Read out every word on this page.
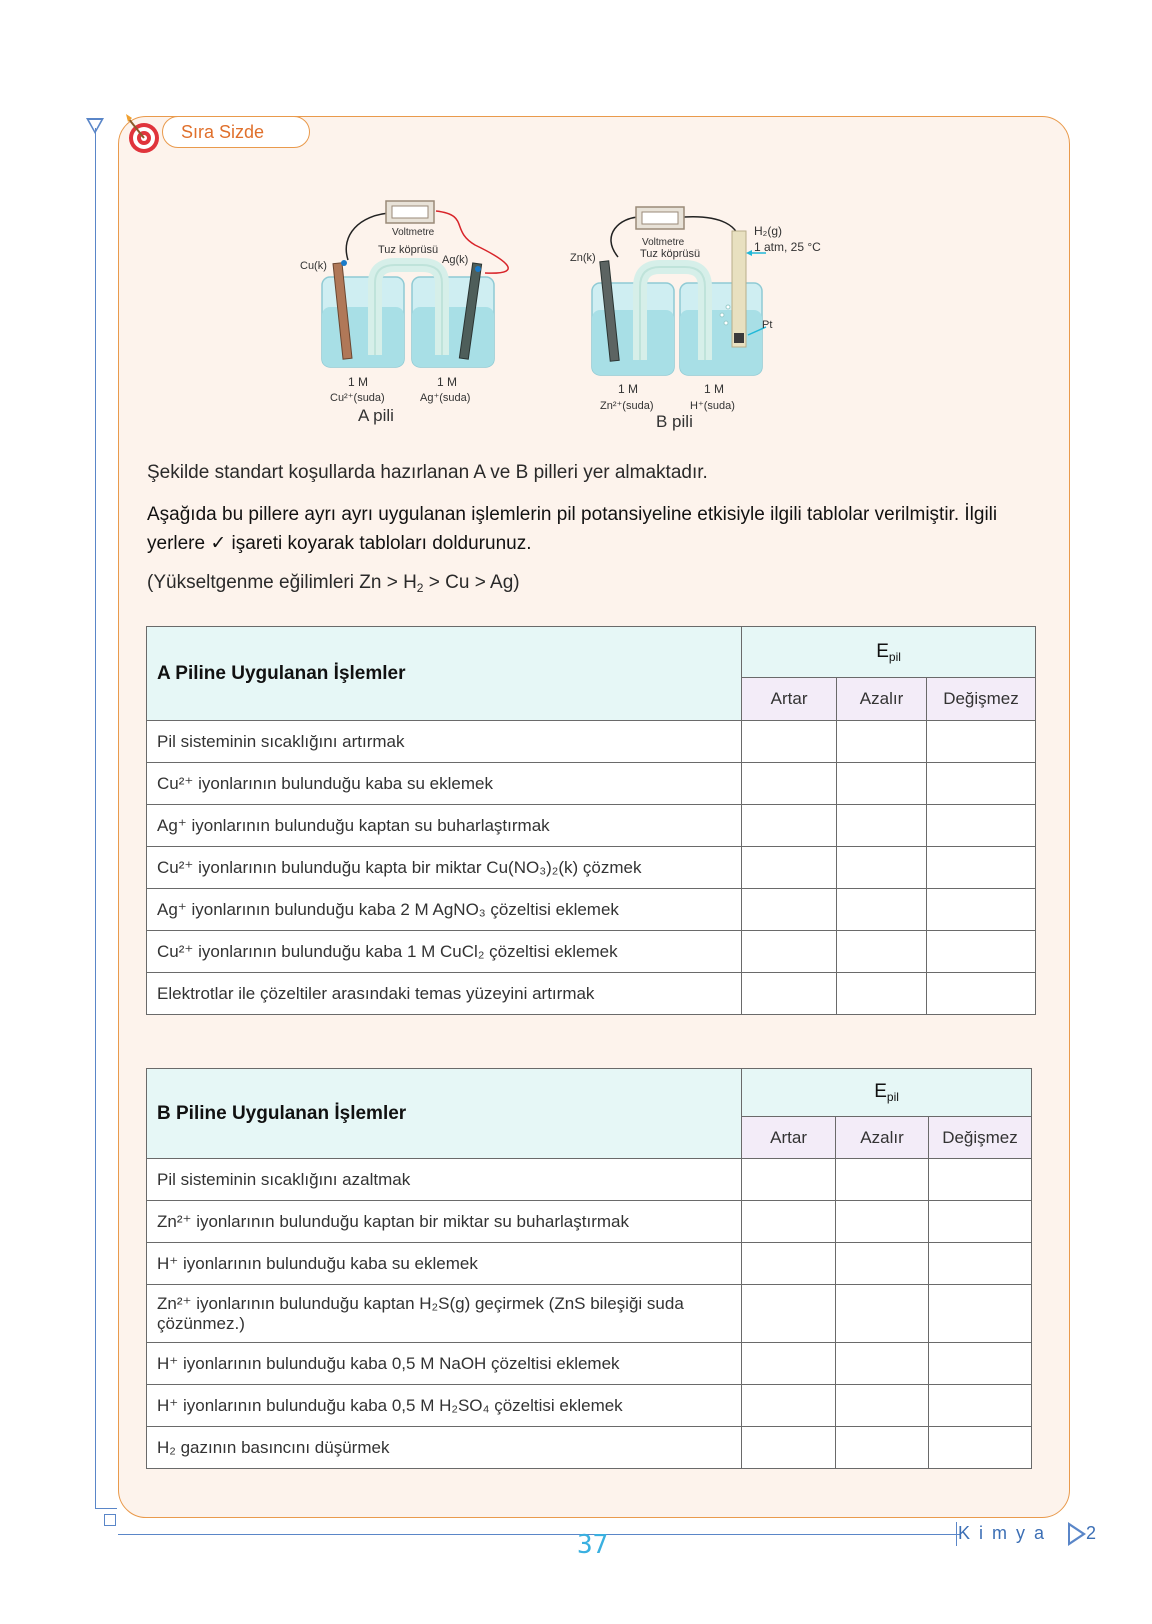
Sıra Sizde
Voltmetre
Tuz köprüsü
Cu(k)	Ag(k)
1 M	1 M
Cu²⁺(suda)	Ag⁺(suda)
A pili
Voltmetre
Tuz köprüsü
Zn(k)
H₂(g)
1 atm, 25 °C
Pt
1 M	1 M
Zn²⁺(suda)	H⁺(suda)
B pili
Şekilde standart koşullarda hazırlanan A ve B pilleri yer almaktadır.
Aşağıda bu pillere ayrı ayrı uygulanan işlemlerin pil potansiyeline etkisiyle ilgili tablolar verilmiştir. İlgili yerlere ✓ işareti koyarak tabloları doldurunuz.
(Yükseltgenme eğilimleri $Zn > H_2 > Cu > Ag$)
A Piline Uygulanan İşlemler	$E_{pil}$
	Artar	Azalır	Değişmez
Pil sisteminin sıcaklığını artırmak			
Cu²⁺ iyonlarının bulunduğu kaba su eklemek			
Ag⁺ iyonlarının bulunduğu kaptan su buharlaştırmak			
Cu²⁺ iyonlarının bulunduğu kapta bir miktar Cu(NO₃)₂(k) çözmek			
Ag⁺ iyonlarının bulunduğu kaba 2 M AgNO₃ çözeltisi eklemek			
Cu²⁺ iyonlarının bulunduğu kaba 1 M CuCl₂ çözeltisi eklemek			
Elektrotlar ile çözeltiler arasındaki temas yüzeyini artırmak			
B Piline Uygulanan İşlemler	$E_{pil}$
	Artar	Azalır	Değişmez
Pil sisteminin sıcaklığını azaltmak			
Zn²⁺ iyonlarının bulunduğu kaptan bir miktar su buharlaştırmak			
H⁺ iyonlarının bulunduğu kaba su eklemek			
Zn²⁺ iyonlarının bulunduğu kaptan H₂S(g) geçirmek (ZnS bileşiği suda çözünmez.)			
H⁺ iyonlarının bulunduğu kaba 0,5 M NaOH çözeltisi eklemek			
H⁺ iyonlarının bulunduğu kaba 0,5 M H₂SO₄ çözeltisi eklemek			
H₂ gazının basıncını düşürmek			
37	Kimya 12
